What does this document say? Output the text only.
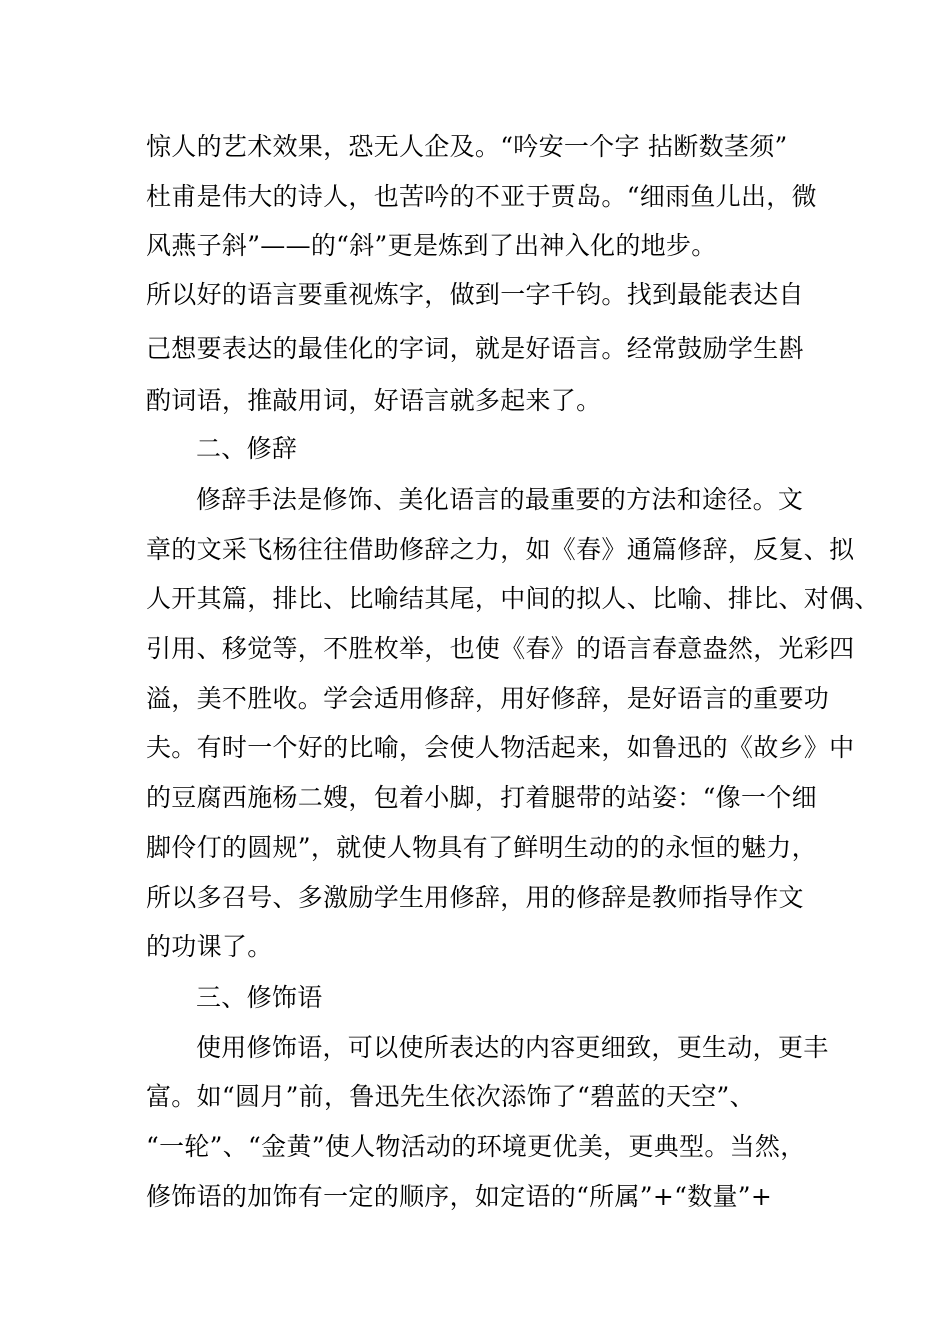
惊人的艺术效果，恐无人企及。“吟安一个字 拈断数茎须”
杜甫是伟大的诗人，也苦吟的不亚于贾岛。“细雨鱼儿出，微
风燕子斜”——的“斜”更是炼到了出神入化的地步。
所以好的语言要重视炼字，做到一字千钧。找到最能表达自
己想要表达的最佳化的字词，就是好语言。经常鼓励学生斟
酌词语，推敲用词，好语言就多起来了。
二、修辞
修辞手法是修饰、美化语言的最重要的方法和途径。文
章的文采飞杨往往借助修辞之力，如《春》通篇修辞，反复、拟
人开其篇，排比、比喻结其尾，中间的拟人、比喻、排比、对偶、
引用、移觉等，不胜枚举，也使《春》的语言春意盎然，光彩四
溢，美不胜收。学会适用修辞，用好修辞，是好语言的重要功
夫。有时一个好的比喻，会使人物活起来，如鲁迅的《故乡》中
的豆腐西施杨二嫂，包着小脚，打着腿带的站姿：“像一个细
脚伶仃的圆规”，就使人物具有了鲜明生动的的永恒的魅力，
所以多召号、多激励学生用修辞，用的修辞是教师指导作文
的功课了。
三、修饰语
使用修饰语，可以使所表达的内容更细致，更生动，更丰
富。如“圆月”前，鲁迅先生依次添饰了“碧蓝的天空”、
“一轮”、“金黄”使人物活动的环境更优美，更典型。当然，
修饰语的加饰有一定的顺序，如定语的“所属”+“数量”+
